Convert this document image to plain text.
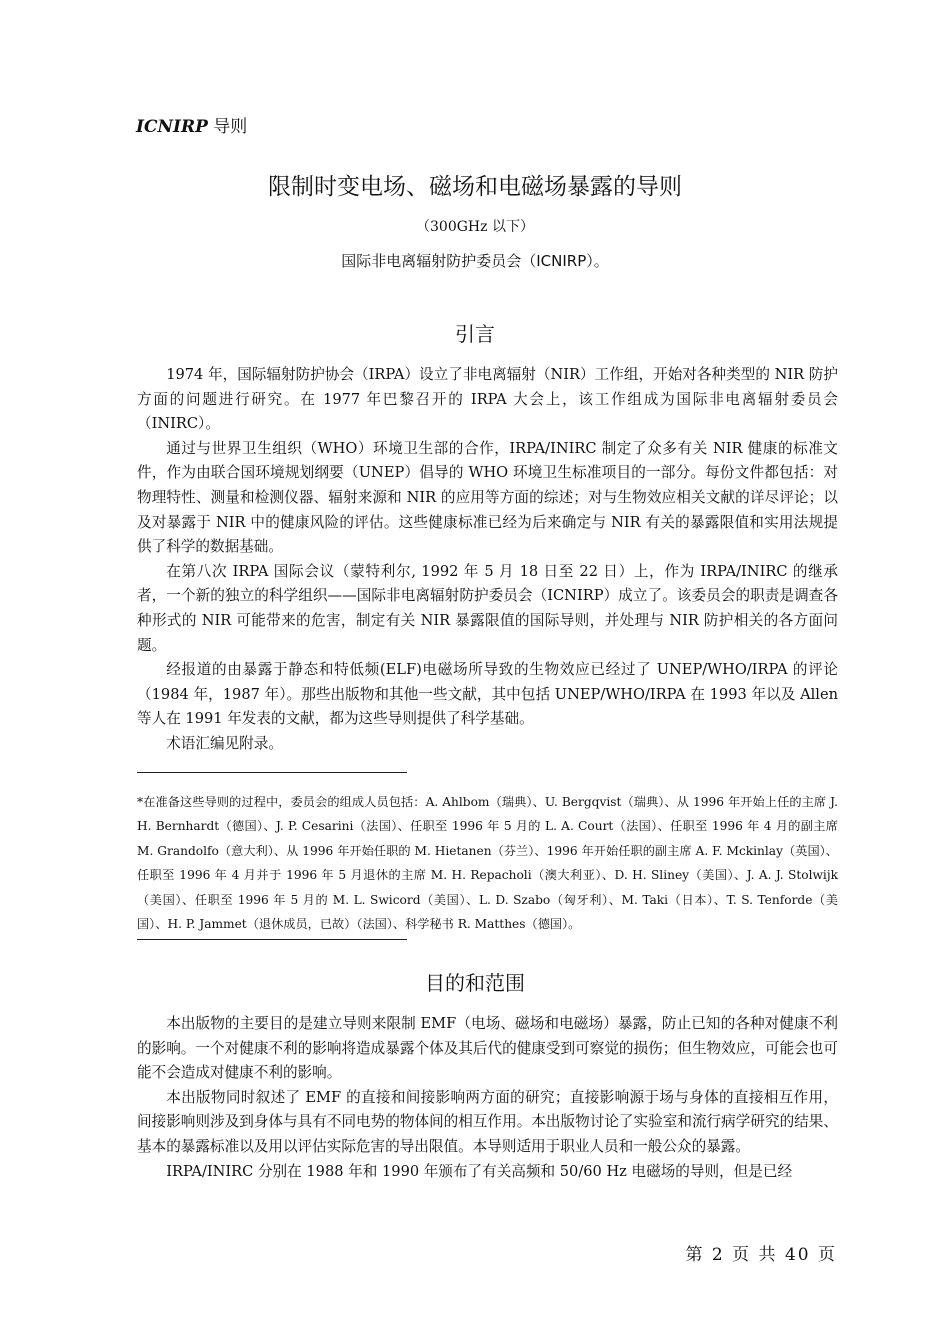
ICNIRP 导则
限制时变电场、磁场和电磁场暴露的导则
（300GHz 以下）
国际非电离辐射防护委员会（ICNIRP）。
引言

1974 年，国际辐射防护协会（IRPA）设立了非电离辐射（NIR）工作组，开始对各种类型的 NIR 防护方面的问题进行研究。在 1977 年巴黎召开的 IRPA 大会上，该工作组成为国际非电离辐射委员会（INIRC）。

通过与世界卫生组织（WHO）环境卫生部的合作，IRPA/INIRC 制定了众多有关 NIR 健康的标准文件，作为由联合国环境规划纲要（UNEP）倡导的 WHO 环境卫生标准项目的一部分。每份文件都包括：对物理特性、测量和检测仪器、辐射来源和 NIR 的应用等方面的综述；对与生物效应相关文献的详尽评论；以及对暴露于 NIR 中的健康风险的评估。这些健康标准已经为后来确定与 NIR 有关的暴露限值和实用法规提供了科学的数据基础。

在第八次 IRPA 国际会议（蒙特利尔, 1992 年 5 月 18 日至 22 日）上，作为 IRPA/INIRC 的继承者，一个新的独立的科学组织——国际非电离辐射防护委员会（ICNIRP）成立了。该委员会的职责是调查各种形式的 NIR 可能带来的危害，制定有关 NIR 暴露限值的国际导则，并处理与 NIR 防护相关的各方面问题。

经报道的由暴露于静态和特低频(ELF)电磁场所导致的生物效应已经过了 UNEP/WHO/IRPA 的评论（1984 年，1987 年）。那些出版物和其他一些文献，其中包括 UNEP/WHO/IRPA 在 1993 年以及 Allen 等人在 1991 年发表的文献，都为这些导则提供了科学基础。

术语汇编见附录。

*在准备这些导则的过程中，委员会的组成人员包括：A. Ahlbom（瑞典）、U. Bergqvist（瑞典）、从 1996 年开始上任的主席 J. H. Bernhardt（德国）、J. P. Cesarini（法国）、任职至 1996 年 5 月的 L. A. Court（法国）、任职至 1996 年 4 月的副主席 M. Grandolfo（意大利）、从 1996 年开始任职的 M. Hietanen（芬兰）、1996 年开始任职的副主席 A. F. Mckinlay（英国）、任职至 1996 年 4 月并于 1996 年 5 月退休的主席 M. H. Repacholi（澳大利亚）、D. H. Sliney（美国）、J. A. J. Stolwijk（美国）、任职至 1996 年 5 月的 M. L. Swicord（美国）、L. D. Szabo（匈牙利）、M. Taki（日本）、T. S. Tenforde（美国）、H. P. Jammet（退休成员，已故）（法国）、科学秘书 R. Matthes（德国）。

目的和范围

本出版物的主要目的是建立导则来限制 EMF（电场、磁场和电磁场）暴露，防止已知的各种对健康不利的影响。一个对健康不利的影响将造成暴露个体及其后代的健康受到可察觉的损伤；但生物效应，可能会也可能不会造成对健康不利的影响。

本出版物同时叙述了 EMF 的直接和间接影响两方面的研究；直接影响源于场与身体的直接相互作用，间接影响则涉及到身体与具有不同电势的物体间的相互作用。本出版物讨论了实验室和流行病学研究的结果、基本的暴露标准以及用以评估实际危害的导出限值。本导则适用于职业人员和一般公众的暴露。

IRPA/INIRC 分别在 1988 年和 1990 年颁布了有关高频和 50/60 Hz 电磁场的导则，但是已经

第 2 页 共 40 页
